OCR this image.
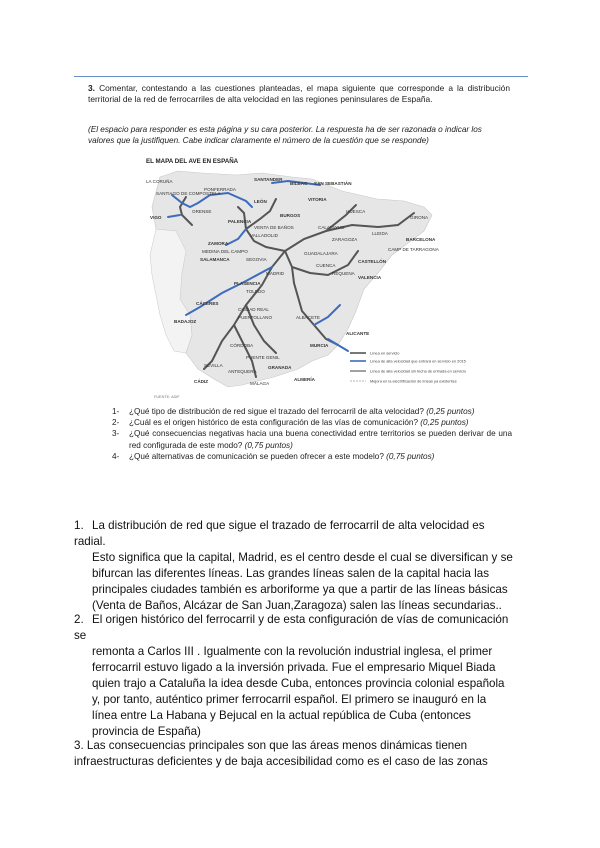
3. Comentar, contestando a las cuestiones planteadas, el mapa siguiente que corresponde a la distribución territorial de la red de ferrocarriles de alta velocidad en las regiones peninsulares de España.
(El espacio para responder es esta página y su cara posterior. La respuesta ha de ser razonada o indicar los valores que la justifiquen. Cabe indicar claramente el número de la cuestión que se responde)
EL MAPA DEL AVE EN ESPAÑA
LA CORUÑA
SANTIAGO DE COMPOSTELA
ORENSE
VIGO
SANTANDER
BILBAO SAN SEBASTIÁN
VITORIA
PONFERRADA
LEÓN
PALENCIA
BURGOS
VENTA DE BAÑOS
VALLADOLID
ZAMORA
MEDINA DEL CAMPO
SALAMANCA	SEGOVIA
MADRID
GUADALAJARA
HUESCA
ZARAGOZA
LLEIDA
GIRONA
BARCELONA
CAMP DE TARRAGONA
CALATAYUD
CUENCA
CASTELLÓN
VALENCIA
REQUENA
PLASENCIA
TOLEDO
CÁCERES
BADAJOZ
CIUDAD REAL
PUERTOLLANO	ALBACETE
ALICANTE
MURCIA
CÓRDOBA
SEVILLA
ANTEQUERA
PUENTE GENIL
GRANADA
CÁDIZ	MÁLAGA
ALMERÍA
Línea en servicio
Línea de alta velocidad que entrará en servicio en 2015
Línea de alta velocidad sin fecha de entrada en servicio
Mejora en la electrificación de líneas ya existentes
FUENTE: ADIF
1-	¿Qué tipo de distribución de red sigue el trazado del ferrocarril de alta velocidad? (0,25 puntos)
2-	¿Cuál es el origen histórico de esta configuración de las vías de comunicación? (0,25 puntos)
3-	¿Qué consecuencias negativas hacia una buena conectividad entre territorios se pueden derivar de una red configurada de este modo? (0,75 puntos)
4-	¿Qué alternativas de comunicación se pueden ofrecer a este modelo? (0,75 puntos)
1. La distribución de red que sigue el trazado de ferrocarril de alta velocidad es radial.
Esto significa que la capital, Madrid, es el centro desde el cual se diversifican y se bifurcan las diferentes líneas. Las grandes líneas salen de la capital hacia las principales ciudades también es arboriforme ya que a partir de las líneas básicas (Venta de Baños, Alcázar de San Juan,Zaragoza) salen las líneas secundarias..
2. El origen histórico del ferrocarril y de esta configuración de vías de comunicación se
remonta a Carlos III . Igualmente con la revolución industrial inglesa, el primer ferrocarril estuvo ligado a la inversión privada. Fue el empresario Miquel Biada quien trajo a Cataluña la idea desde Cuba, entonces provincia colonial española y, por tanto, auténtico primer ferrocarril español. El primero se inauguró en la línea entre La Habana y Bejucal en la actual república de Cuba (entonces provincia de España)
3. Las consecuencias principales son que las áreas menos dinámicas tienen infraestructuras deficientes y de baja accesibilidad como es el caso de las zonas
